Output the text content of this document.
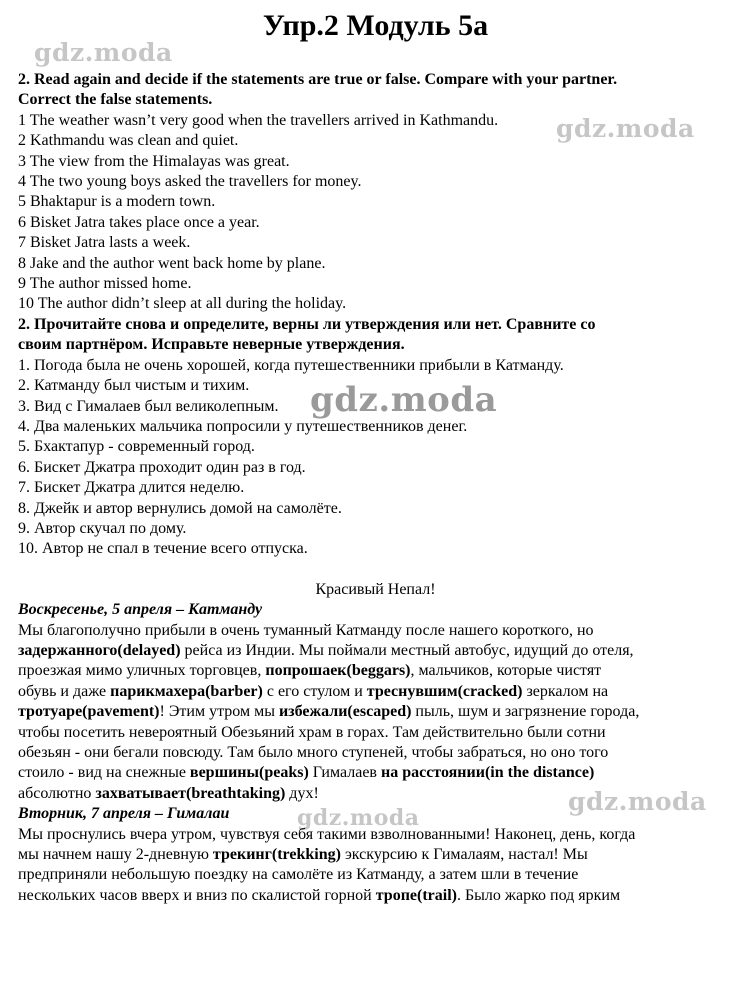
gdz.moda
gdz.moda
gdz.moda
gdz.moda
gdz.moda
Упр.2 Модуль 5а
2. Read again and decide if the statements are true or false. Compare with your partner.
Correct the false statements.
1 The weather wasn’t very good when the travellers arrived in Kathmandu.
2 Kathmandu was clean and quiet.
3 The view from the Himalayas was great.
4 The two young boys asked the travellers for money.
5 Bhaktapur is a modern town.
6 Bisket Jatra takes place once a year.
7 Bisket Jatra lasts a week.
8 Jake and the author went back home by plane.
9 The author missed home.
10 The author didn’t sleep at all during the holiday.
2. Прочитайте снова и определите, верны ли утверждения или нет. Сравните со
своим партнёром. Исправьте неверные утверждения.
1. Погода была не очень хорошей, когда путешественники прибыли в Катманду.
2. Катманду был чистым и тихим.
3. Вид с Гималаев был великолепным.
4. Два маленьких мальчика попросили у путешественников денег.
5. Бхактапур - современный город.
6. Бискет Джатра проходит один раз в год.
7. Бискет Джатра длится неделю.
8. Джейк и автор вернулись домой на самолёте.
9. Автор скучал по дому.
10. Автор не спал в течение всего отпуска.
Красивый Непал!
Воскресенье, 5 апреля – Катманду
Мы благополучно прибыли в очень туманный Катманду после нашего короткого, но
задержанного(delayed) рейса из Индии. Мы поймали местный автобус, идущий до отеля,
проезжая мимо уличных торговцев, попрошаек(beggars), мальчиков, которые чистят
обувь и даже парикмахера(barber) с его стулом и треснувшим(cracked) зеркалом на
тротуаре(pavement)! Этим утром мы избежали(escaped) пыль, шум и загрязнение города,
чтобы посетить невероятный Обезьяний храм в горах. Там действительно были сотни
обезьян - они бегали повсюду. Там было много ступеней, чтобы забраться, но оно того
стоило - вид на снежные вершины(peaks) Гималаев на расстоянии(in the distance)
абсолютно захватывает(breathtaking) дух!
Вторник, 7 апреля – Гималаи
Мы проснулись вчера утром, чувствуя себя такими взволнованными! Наконец, день, когда
мы начнем нашу 2-дневную трекинг(trekking) экскурсию к Гималаям, настал! Мы
предприняли небольшую поездку на самолёте из Катманду, а затем шли в течение
нескольких часов вверх и вниз по скалистой горной тропе(trail). Было жарко под ярким
